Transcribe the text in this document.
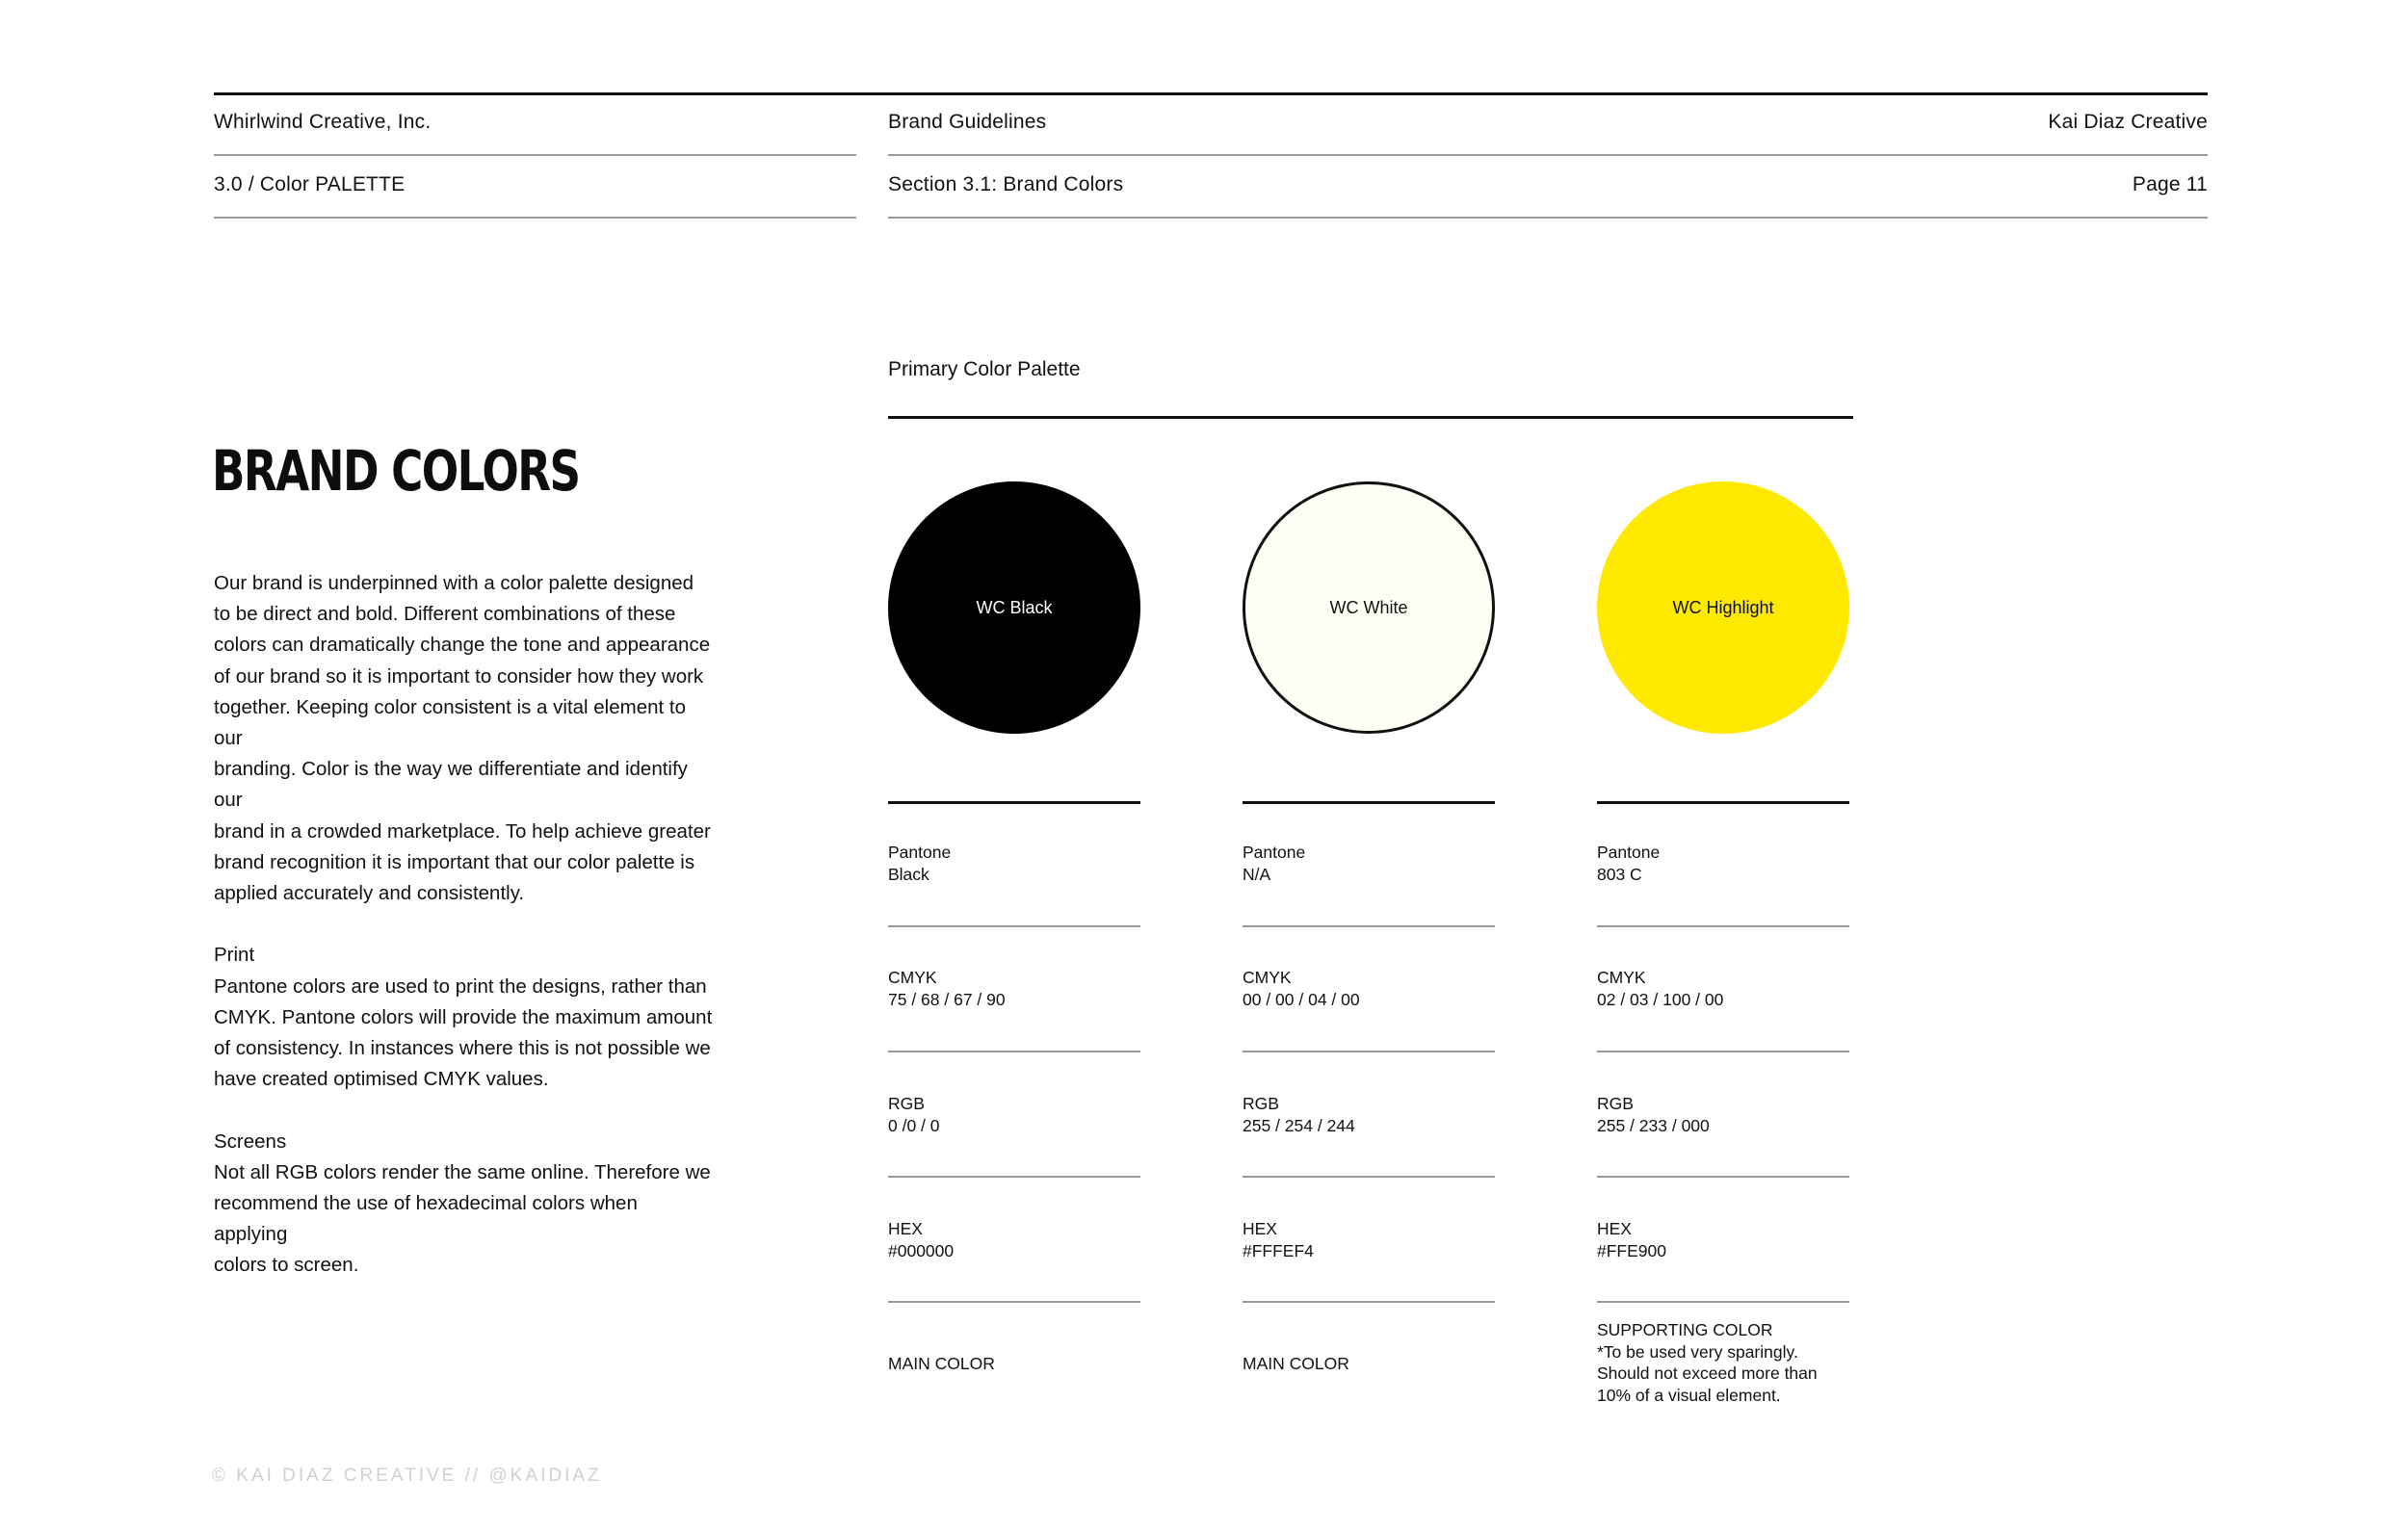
Whirlwind Creative, Inc.	Brand Guidelines	Kai Diaz Creative
3.0 / Color PALETTE	Section 3.1: Brand Colors	Page 11
BRAND COLORS

Our brand is underpinned with a color palette designed

to be direct and bold. Different combinations of these

colors can dramatically change the tone and appearance

of our brand so it is important to consider how they work

together. Keeping color consistent is a vital element to our

branding. Color is the way we differentiate and identify our

brand in a crowded marketplace. To help achieve greater

brand recognition it is important that our color palette is

applied accurately and consistently.

Print

Pantone colors are used to print the designs, rather than

CMYK. Pantone colors will provide the maximum amount

of consistency. In instances where this is not possible we

have created optimised CMYK values.

Screens

Not all RGB colors render the same online. Therefore we

recommend the use of hexadecimal colors when applying

colors to screen.

Primary Color Palette
WC Black
Pantone
Black
CMYK
75 / 68 / 67 / 90
RGB
0 /0 / 0
HEX
#000000
MAIN COLOR
WC White
Pantone
N/A
CMYK
00 / 00 / 04 / 00
RGB
255 / 254 / 244
HEX
#FFFEF4
MAIN COLOR
WC Highlight
Pantone
803 C
CMYK
02 / 03 / 100 / 00
RGB
255 / 233 / 000
HEX
#FFE900
SUPPORTING COLOR
*To be used very sparingly.
Should not exceed more than
10% of a visual element.
© KAI DIAZ CREATIVE // @KAIDIAZ
